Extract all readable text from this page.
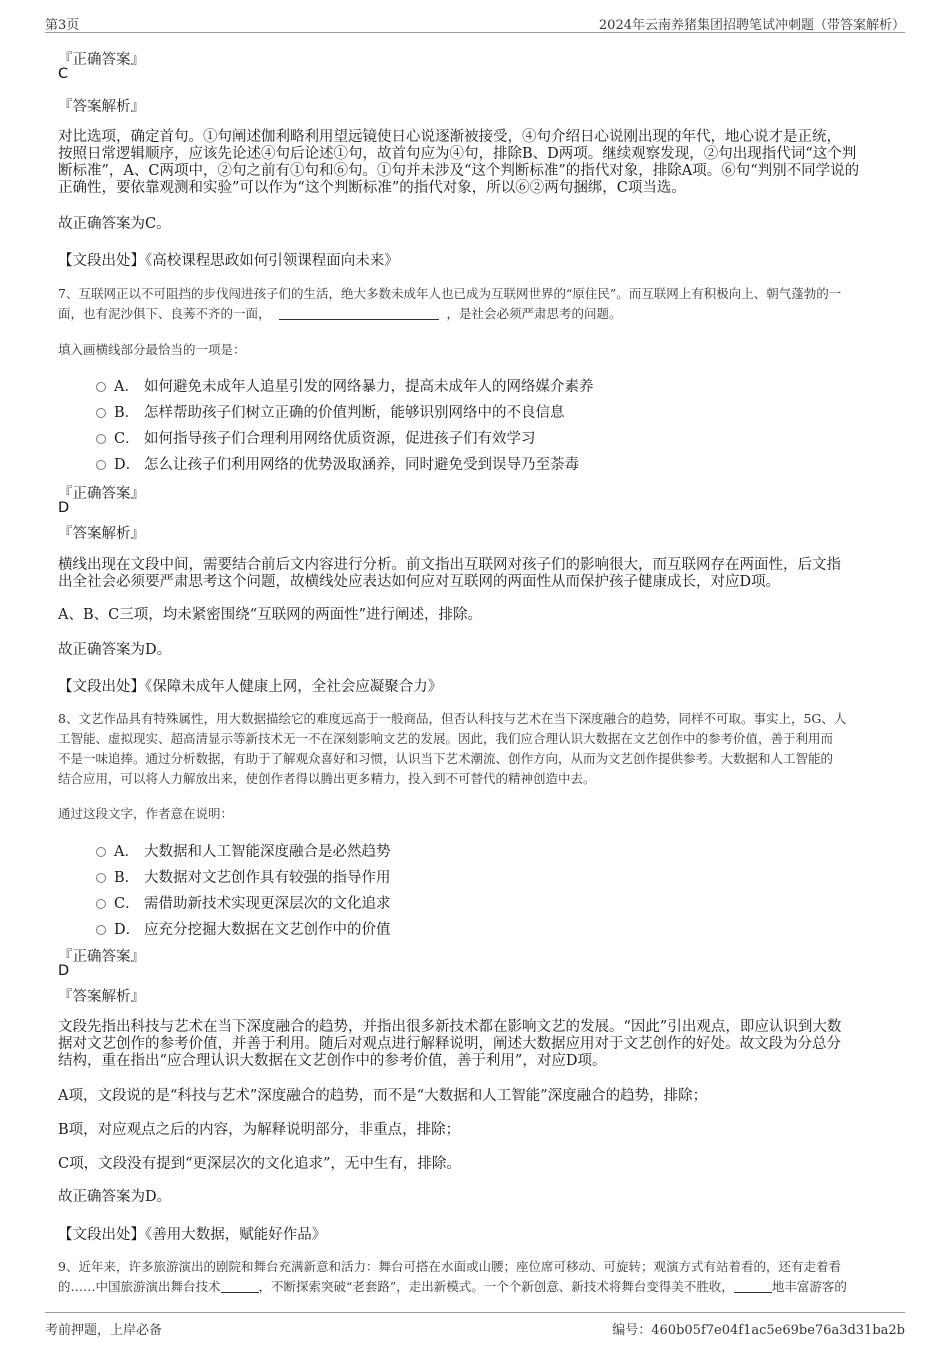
第3页	2024年云南养猪集团招聘笔试冲刺题（带答案解析）
『正确答案』
C
『答案解析』

对比选项，确定首句。①句阐述伽利略利用望远镜使日心说逐渐被接受，④句介绍日心说刚出现的年代，地心说才是正统，

按照日常逻辑顺序，应该先论述④句后论述①句，故首句应为④句，排除B、D两项。继续观察发现，②句出现指代词“这个判

断标准”，A、C两项中，②句之前有①句和⑥句。①句并未涉及“这个判断标准”的指代对象，排除A项。⑥句“判别不同学说的

正确性，要依靠观测和实验”可以作为“这个判断标准”的指代对象，所以⑥②两句捆绑，C项当选。

故正确答案为C。
【文段出处】《高校课程思政如何引领课程面向未来》
7、互联网正以不可阻挡的步伐闯进孩子们的生活，绝大多数未成年人也已成为互联网世界的“原住民”。而互联网上有积极向上、朝气蓬勃的一
面，也有泥沙俱下、良莠不齐的一面，	，是社会必须严肃思考的问题。
填入画横线部分最恰当的一项是：
A． 如何避免未成年人追星引发的网络暴力，提高未成年人的网络媒介素养
B． 怎样帮助孩子们树立正确的价值判断，能够识别网络中的不良信息
C． 如何指导孩子们合理利用网络优质资源，促进孩子们有效学习
D． 怎么让孩子们利用网络的优势汲取涵养，同时避免受到误导乃至荼毒
『正确答案』
D
『答案解析』

横线出现在文段中间，需要结合前后文内容进行分析。前文指出互联网对孩子们的影响很大，而互联网存在两面性，后文指

出全社会必须要严肃思考这个问题，故横线处应表达如何应对互联网的两面性从而保护孩子健康成长，对应D项。

A、B、C三项，均未紧密围绕“互联网的两面性”进行阐述，排除。
故正确答案为D。
【文段出处】《保障未成年人健康上网，全社会应凝聚合力》
8、文艺作品具有特殊属性，用大数据描绘它的难度远高于一般商品，但否认科技与艺术在当下深度融合的趋势，同样不可取。事实上，5G、人
工智能、虚拟现实、超高清显示等新技术无一不在深刻影响文艺的发展。因此，我们应合理认识大数据在文艺创作中的参考价值，善于利用而
不是一味追捧。通过分析数据，有助于了解观众喜好和习惯，认识当下艺术潮流、创作方向，从而为文艺创作提供参考。大数据和人工智能的
结合应用，可以将人力解放出来，使创作者得以腾出更多精力，投入到不可替代的精神创造中去。
通过这段文字，作者意在说明：
A． 大数据和人工智能深度融合是必然趋势
B． 大数据对文艺创作具有较强的指导作用
C． 需借助新技术实现更深层次的文化追求
D． 应充分挖掘大数据在文艺创作中的价值
『正确答案』
D
『答案解析』

文段先指出科技与艺术在当下深度融合的趋势，并指出很多新技术都在影响文艺的发展。“因此”引出观点，即应认识到大数

据对文艺创作的参考价值，并善于利用。随后对观点进行解释说明，阐述大数据应用对于文艺创作的好处。故文段为分总分

结构，重在指出“应合理认识大数据在文艺创作中的参考价值，善于利用”，对应D项。

A项，文段说的是“科技与艺术”深度融合的趋势，而不是“大数据和人工智能”深度融合的趋势，排除；
B项，对应观点之后的内容，为解释说明部分，非重点，排除；
C项，文段没有提到“更深层次的文化追求”，无中生有，排除。
故正确答案为D。
【文段出处】《善用大数据，赋能好作品》
9、近年来，许多旅游演出的剧院和舞台充满新意和活力：舞台可搭在水面或山腰；座位席可移动、可旋转；观演方式有站着看的，还有走着看
的……中国旅游演出舞台技术	，不断探索突破“老套路”，走出新模式。一个个新创意、新技术将舞台变得美不胜收，	地丰富游客的
考前押题，上岸必备	编号：460b05f7e04f1ac5e69be76a3d31ba2b
